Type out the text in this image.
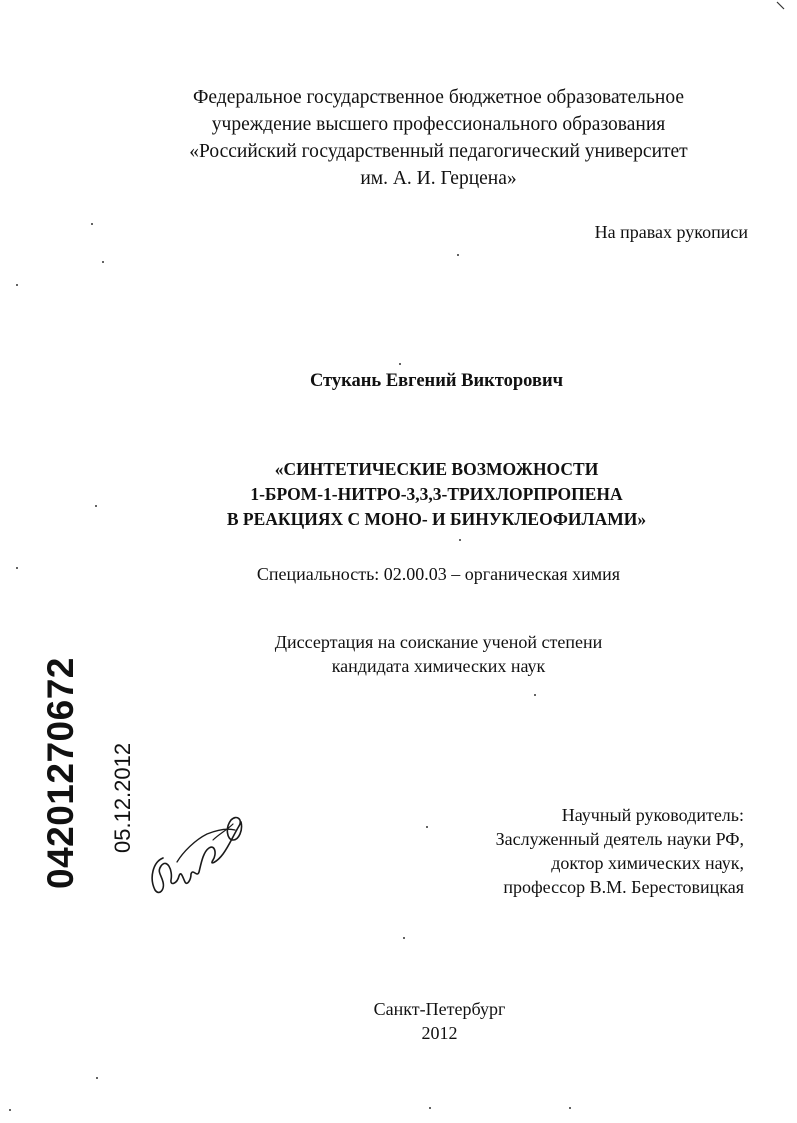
Федеральное государственное бюджетное образовательное
учреждение высшего профессионального образования
«Российский государственный педагогический университет
им. А. И. Герцена»
На правах рукописи
Стукань Евгений Викторович
«СИНТЕТИЧЕСКИЕ ВОЗМОЖНОСТИ
1-БРОМ-1-НИТРО-3,3,3-ТРИХЛОРПРОПЕНА
В РЕАКЦИЯХ С МОНО- И БИНУКЛЕОФИЛАМИ»
Специальность: 02.00.03 – органическая химия
Диссертация на соискание ученой степени
кандидата химических наук
Научный руководитель:
Заслуженный деятель науки РФ,
доктор химических наук,
профессор В.М. Берестовицкая
Санкт-Петербург
2012
04201270672 05.12.2012
